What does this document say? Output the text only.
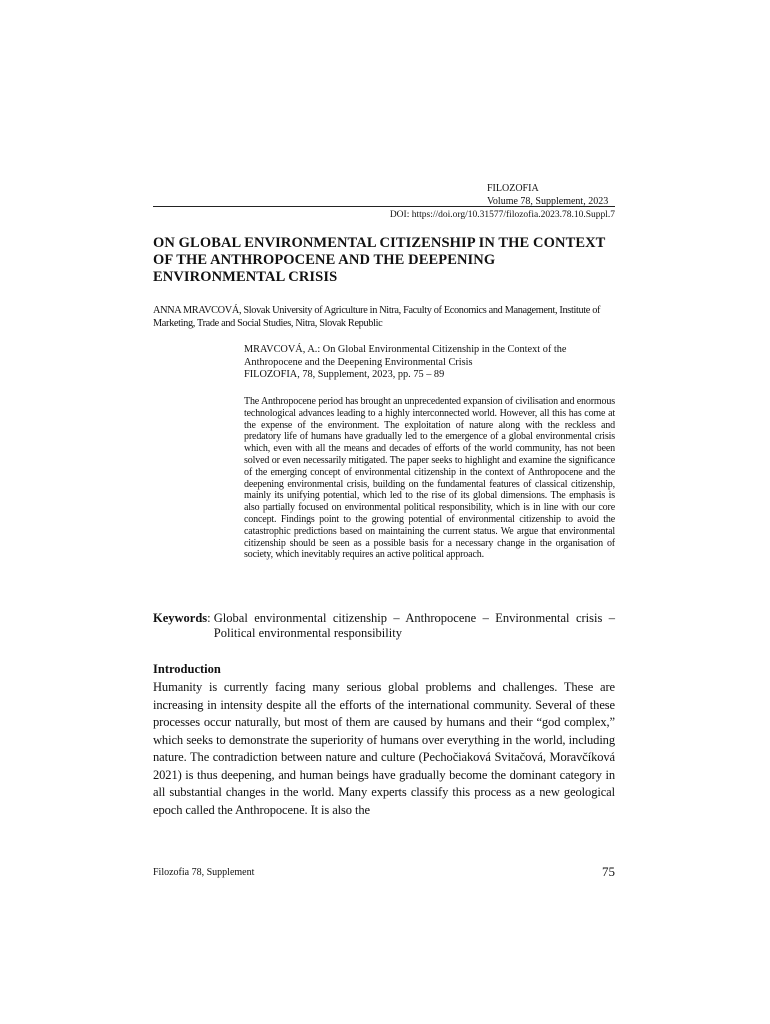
FILOZOFIA
Volume 78, Supplement, 2023
DOI: https://doi.org/10.31577/filozofia.2023.78.10.Suppl.7
ON GLOBAL ENVIRONMENTAL CITIZENSHIP IN THE CONTEXT OF THE ANTHROPOCENE AND THE DEEPENING ENVIRONMENTAL CRISIS
ANNA MRAVCOVÁ, Slovak University of Agriculture in Nitra, Faculty of Economics and Management, Institute of Marketing, Trade and Social Studies, Nitra, Slovak Republic
MRAVCOVÁ, A.: On Global Environmental Citizenship in the Context of the Anthropocene and the Deepening Environmental Crisis
FILOZOFIA, 78, Supplement, 2023, pp. 75 – 89
The Anthropocene period has brought an unprecedented expansion of civilisation and enormous technological advances leading to a highly interconnected world. However, all this has come at the expense of the environment. The exploitation of nature along with the reckless and predatory life of humans have gradually led to the emergence of a global environmental crisis which, even with all the means and decades of efforts of the world community, has not been solved or even necessarily mitigated. The paper seeks to highlight and examine the significance of the emerging concept of environmental citizenship in the context of Anthropocene and the deepening environmental crisis, building on the fundamental features of classical citizenship, mainly its unifying potential, which led to the rise of its global dimensions. The emphasis is also partially focused on environmental political responsibility, which is in line with our core concept. Findings point to the growing potential of environmental citizenship to avoid the catastrophic predictions based on maintaining the current status. We argue that environmental citizenship should be seen as a possible basis for a necessary change in the organisation of society, which inevitably requires an active political approach.
Keywords: Global environmental citizenship – Anthropocene – Environmental crisis – Political environmental responsibility
Introduction
Humanity is currently facing many serious global problems and challenges. These are increasing in intensity despite all the efforts of the international community. Several of these processes occur naturally, but most of them are caused by humans and their “god complex,” which seeks to demonstrate the superiority of humans over everything in the world, including nature. The contradiction between nature and culture (Pechočiaková Svitačová, Moravčíková 2021) is thus deepening, and human beings have gradually become the dominant category in all substantial changes in the world. Many experts classify this process as a new geological epoch called the Anthropocene. It is also the
Filozofia 78, Supplement	75
